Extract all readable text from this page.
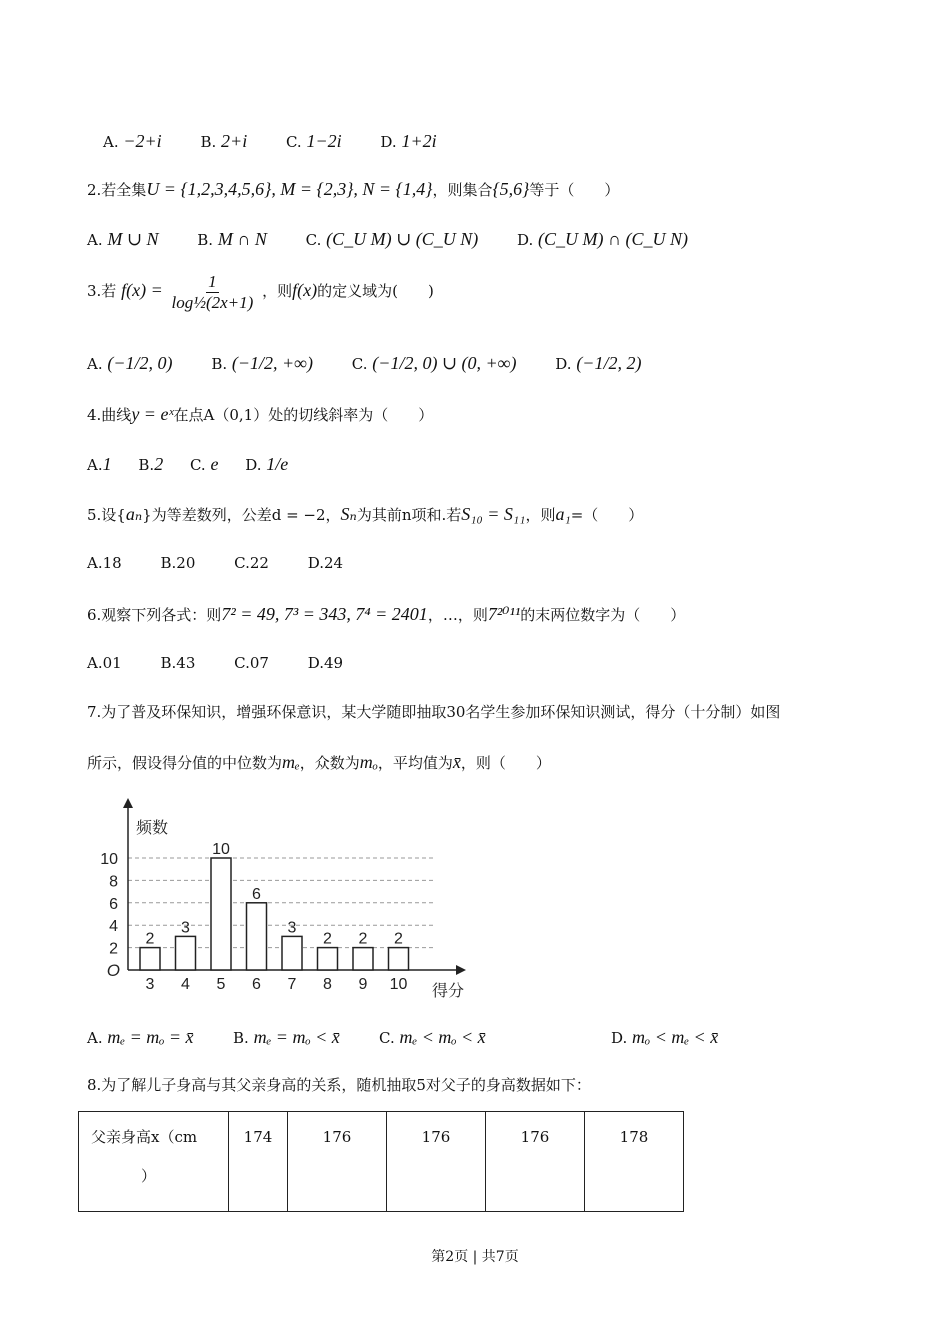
A. −2+i	B. 2+i	C. 1−2i	D. 1+2i
2.若全集U = {1,2,3,4,5,6}, M = {2,3}, N = {1,4}，则集合{5,6}等于（　　）
A. M ∪ N	B. M ∩ N	C. (C_U M) ∪ (C_U N)	D. (C_U M) ∩ (C_U N)
3.若 $f(x) = \frac{1}{\text{log½(2x+1)}}$ ，则f(x)的定义域为(　　)
A. (−1/2, 0)	B. (−1/2, +∞)	C. (−1/2, 0) ∪ (0, +∞)	D. (−1/2, 2)
4.曲线y = eˣ在点A（0,1）处的切线斜率为（　　）
A.1 B.2 C. e D. 1/e
5.设{aₙ}为等差数列，公差d = −2，Sₙ为其前n项和.若S₁₀ = S₁₁，则a₁=（　　）
A.18	B.20	C.22	D.24
6.观察下列各式：则7² = 49, 7³ = 343, 7⁴ = 2401，…，则7²⁰¹¹的末两位数字为（　　）
A.01	B.43	C.07	D.49
7.为了普及环保知识，增强环保意识，某大学随即抽取30名学生参加环保知识测试，得分（十分制）如图
所示，假设得分值的中位数为mₑ，众数为mₒ，平均值为x̄，则（　　）
2
4
6
8
10
O
频数
得分
2
3
3
4
10
5
6
6
3
7
2
8
2
9
2
10
A. mₑ = mₒ = x̄	B. mₑ = mₒ < x̄	C. mₑ < mₒ < x̄	D. mₒ < mₑ < x̄
8.为了解儿子身高与其父亲身高的关系，随机抽取5对父子的身高数据如下：
父亲身高x（cm
）	174	176	176	176	178
第2页 | 共7页
